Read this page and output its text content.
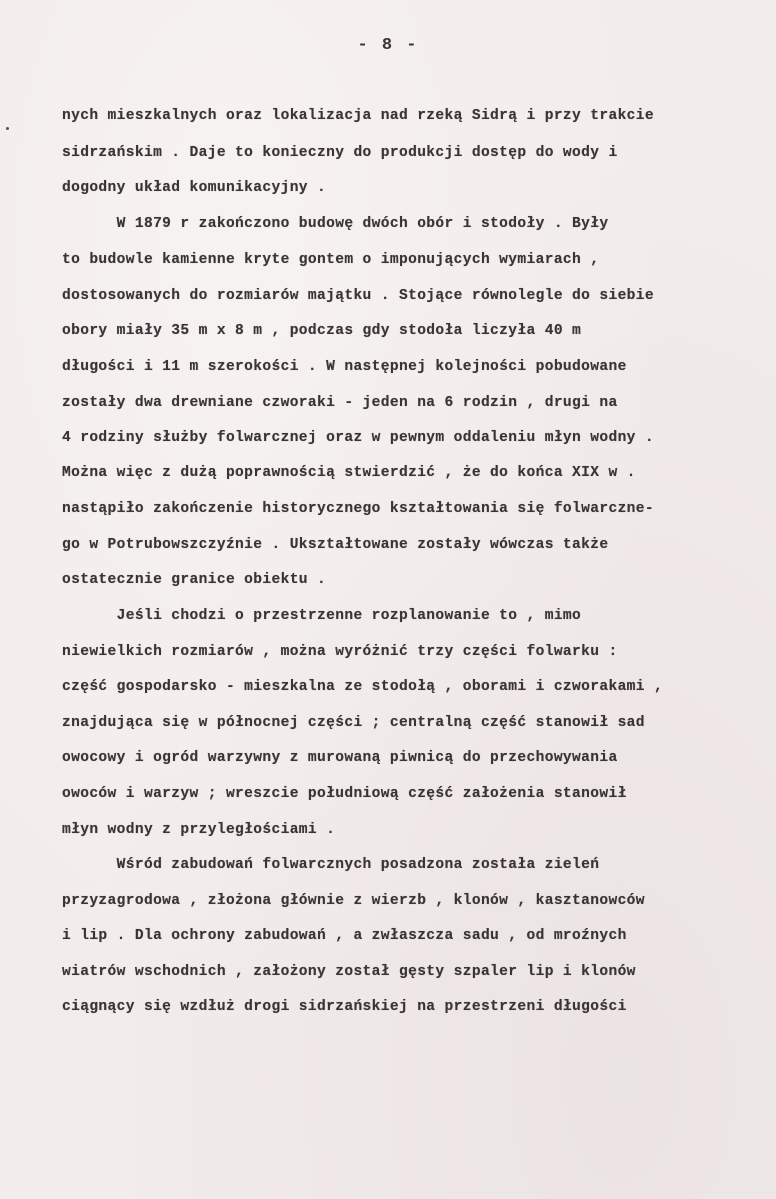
- 8 -
nych mieszkalnych oraz lokalizacja nad rzeką Sidrą i przy trakcie
sidrzańskim . Daje to konieczny do produkcji dostęp do wody i
dogodny układ komunikacyjny .
W 1879 r zakończono budowę dwóch obór i stodoły . Były
to budowle kamienne kryte gontem o imponujących wymiarach ,
dostosowanych do rozmiarów majątku . Stojące równolegle do siebie
obory miały 35 m x 8 m , podczas gdy stodoła liczyła 40 m
długości i 11 m szerokości . W następnej kolejności pobudowane
zostały dwa drewniane czworaki - jeden na 6 rodzin , drugi na
4 rodziny służby folwarcznej oraz w pewnym oddaleniu młyn wodny .
Można więc z dużą poprawnością stwierdzić , że do końca XIX w .
nastąpiło zakończenie historycznego kształtowania się folwarczne-
go w Potrubowszczyźnie . Ukształtowane zostały wówczas także
ostatecznie granice obiektu .
Jeśli chodzi o przestrzenne rozplanowanie to , mimo
niewielkich rozmiarów , można wyróżnić trzy części folwarku :
część gospodarsko - mieszkalna ze stodołą , oborami i czworakami ,
znajdująca się w północnej części ; centralną część stanowił sad
owocowy i ogród warzywny z murowaną piwnicą do przechowywania
owoców i warzyw ; wreszcie południową część założenia stanowił
młyn wodny z przyległościami .
Wśród zabudowań folwarcznych posadzona została zieleń
przyzagrodowa , złożona głównie z wierzb , klonów , kasztanowców
i lip . Dla ochrony zabudowań , a zwłaszcza sadu , od mroźnych
wiatrów wschodnich , założony został gęsty szpaler lip i klonów
ciągnący się wzdłuż drogi sidrzańskiej na przestrzeni długości
